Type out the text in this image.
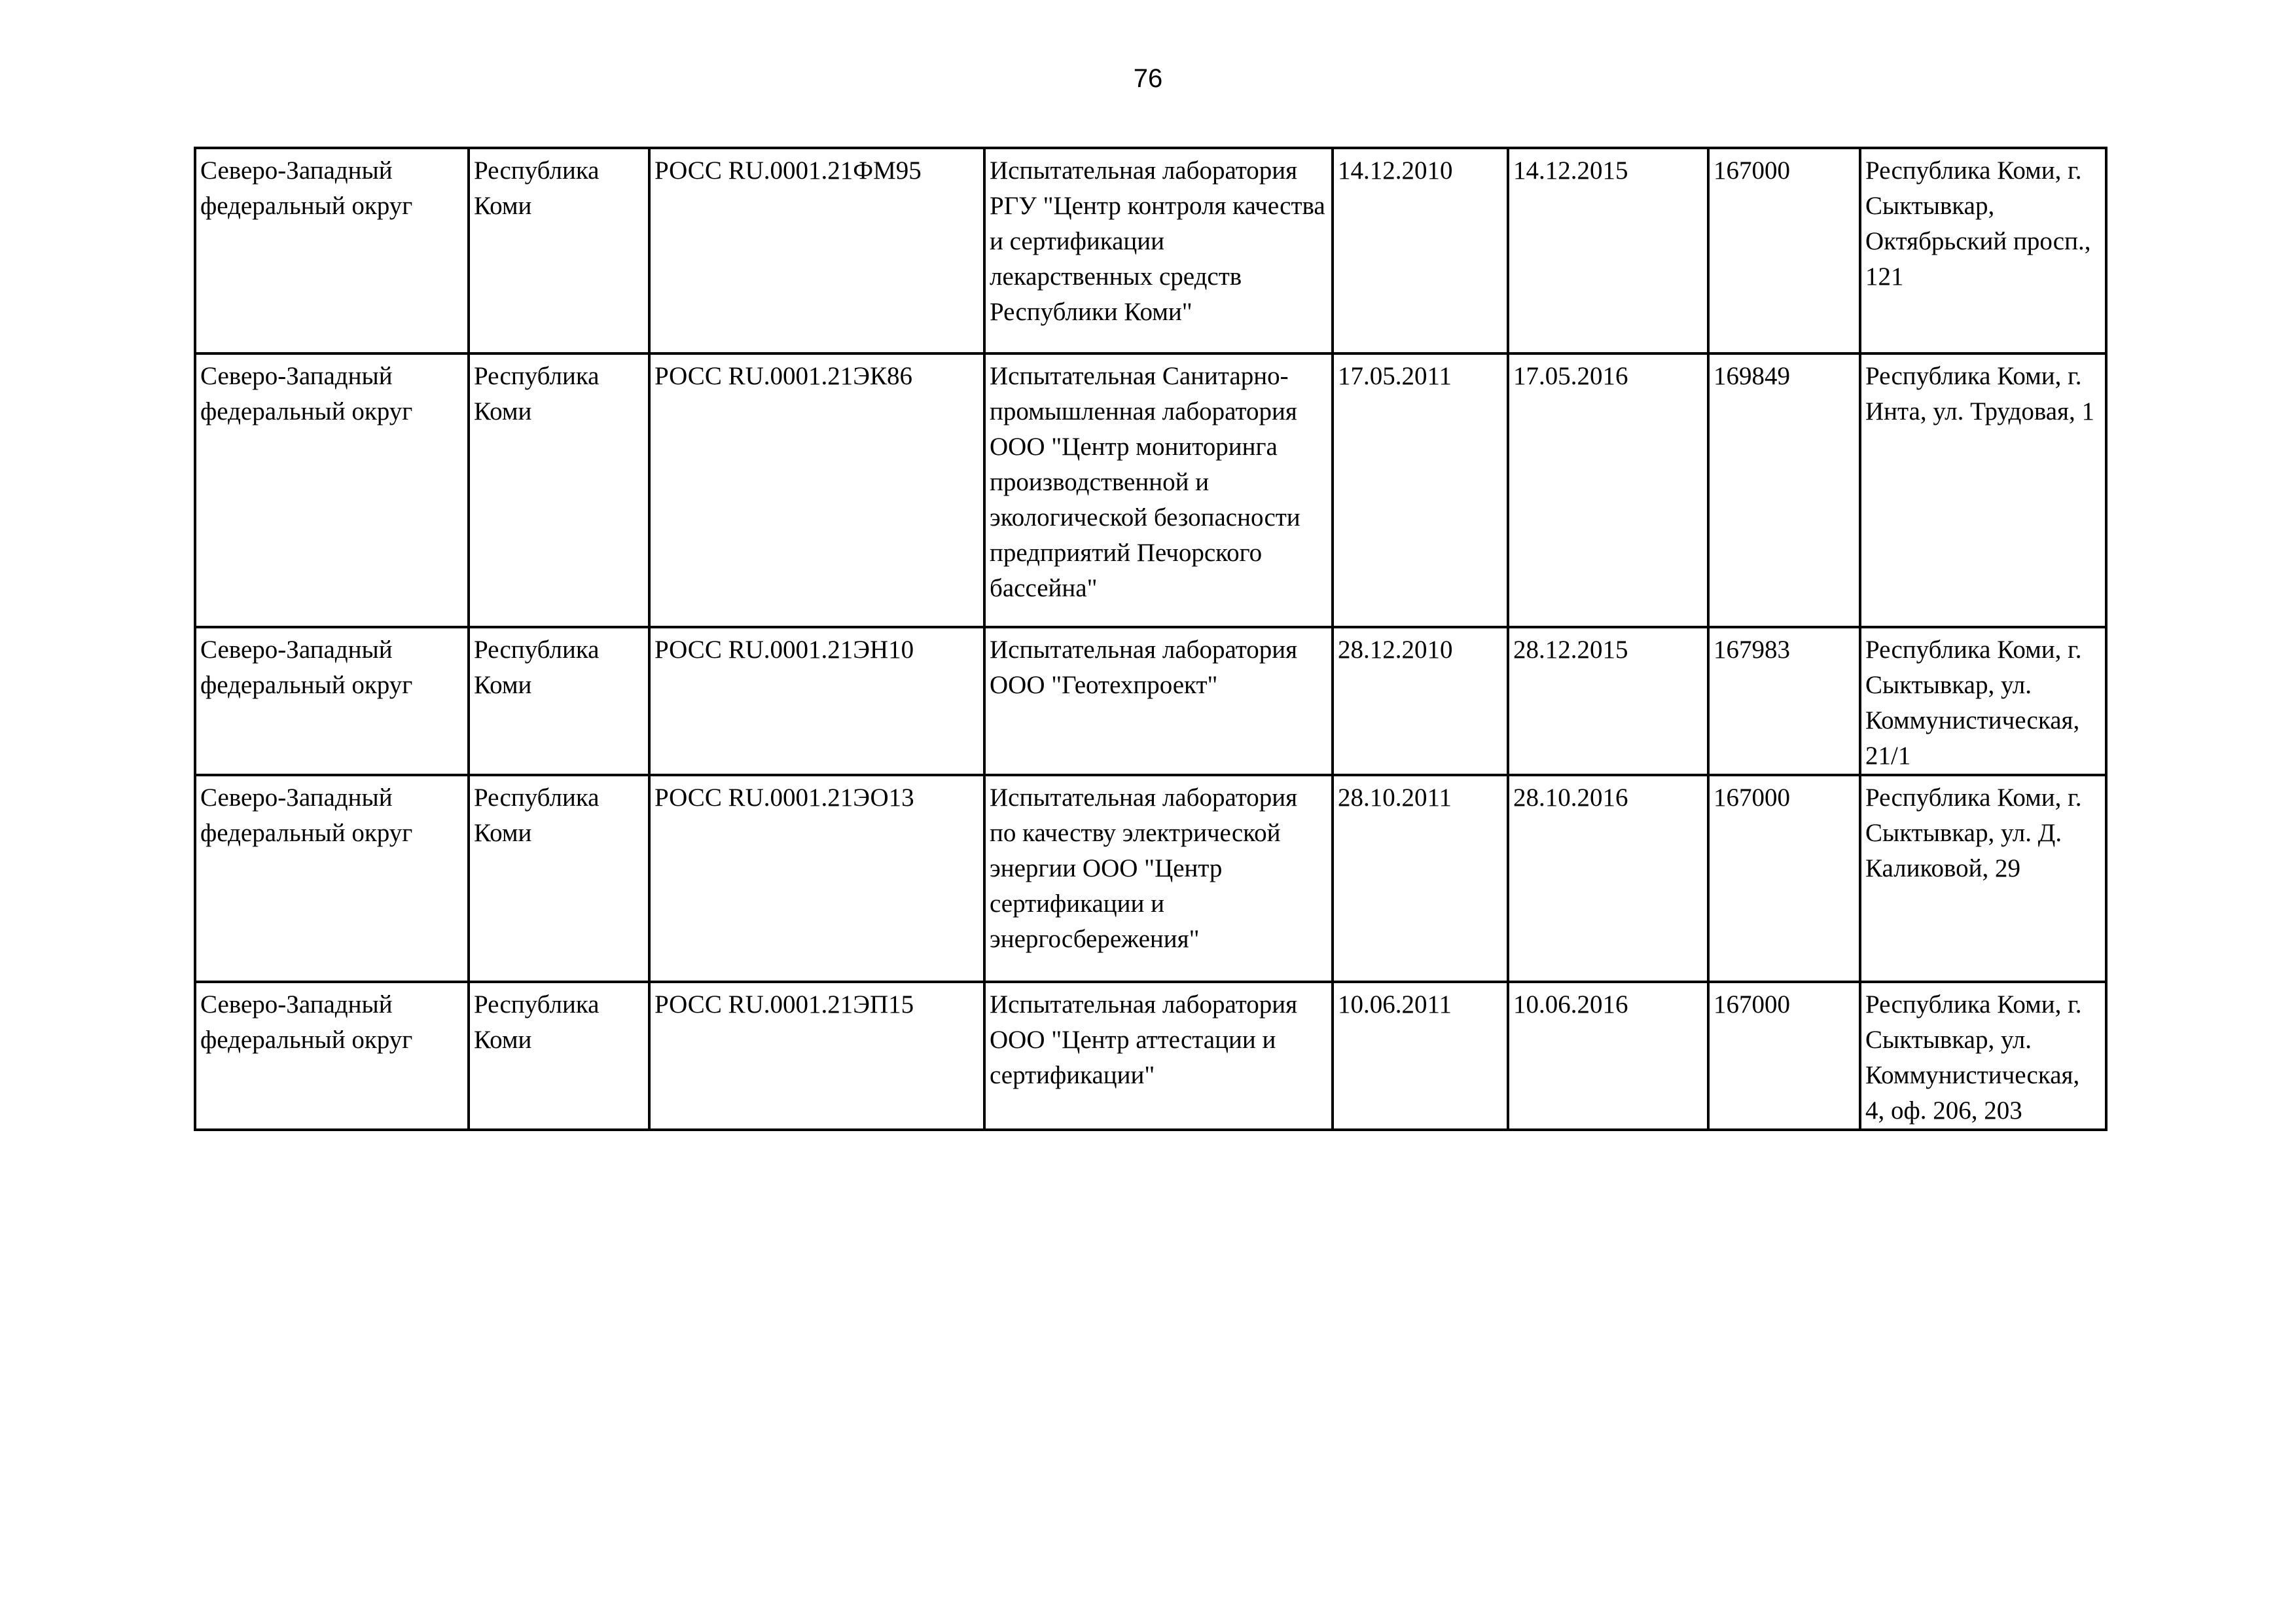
76
Северо-Западный федеральный округ	Республика Коми	РОСС RU.0001.21ФМ95	Испытательная лаборатория РГУ "Центр контроля качества и сертификации лекарственных средств Республики Коми"	14.12.2010	14.12.2015	167000	Республика Коми, г. Сыктывкар, Октябрьский просп., 121
Северо-Западный федеральный округ	Республика Коми	РОСС RU.0001.21ЭК86	Испытательная Санитарно-промышленная лаборатория ООО "Центр мониторинга производственной и экологической безопасности предприятий Печорского бассейна"	17.05.2011	17.05.2016	169849	Республика Коми, г. Инта, ул. Трудовая, 1
Северо-Западный федеральный округ	Республика Коми	РОСС RU.0001.21ЭН10	Испытательная лаборатория ООО "Геотехпроект"	28.12.2010	28.12.2015	167983	Республика Коми, г. Сыктывкар, ул. Коммунистическая, 21/1
Северо-Западный федеральный округ	Республика Коми	РОСС RU.0001.21ЭО13	Испытательная лаборатория по качеству электрической энергии ООО "Центр сертификации и энергосбережения"	28.10.2011	28.10.2016	167000	Республика Коми, г. Сыктывкар, ул. Д. Каликовой, 29
Северо-Западный федеральный округ	Республика Коми	РОСС RU.0001.21ЭП15	Испытательная лаборатория ООО "Центр аттестации и сертификации"	10.06.2011	10.06.2016	167000	Республика Коми, г. Сыктывкар, ул. Коммунистическая, 4, оф. 206, 203
